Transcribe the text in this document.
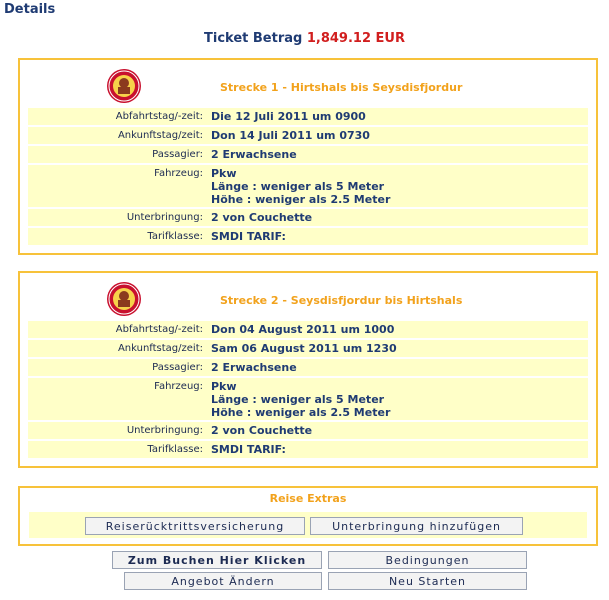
Details
Ticket Betrag 1,849.12 EUR
Strecke 1 - Hirtshals bis Seysdisfjordur
Abfahrtstag/-zeit: Die 12 Juli 2011 um 0900
Ankunftstag/zeit: Don 14 Juli 2011 um 0730
Passagier: 2 Erwachsene
Fahrzeug: Pkw
Länge : weniger als 5 Meter
Höhe : weniger als 2.5 Meter
Unterbringung: 2 von Couchette
Tarifklasse: SMDI TARIF:
Strecke 2 - Seysdisfjordur bis Hirtshals
Abfahrtstag/-zeit: Don 04 August 2011 um 1000
Ankunftstag/zeit: Sam 06 August 2011 um 1230
Passagier: 2 Erwachsene
Fahrzeug: Pkw
Länge : weniger als 5 Meter
Höhe : weniger als 2.5 Meter
Unterbringung: 2 von Couchette
Tarifklasse: SMDI TARIF:
Reise Extras
Reiserücktrittsversicherung	Unterbringung hinzufügen
Zum Buchen Hier Klicken	Bedingungen
Angebot Ändern	Neu Starten
